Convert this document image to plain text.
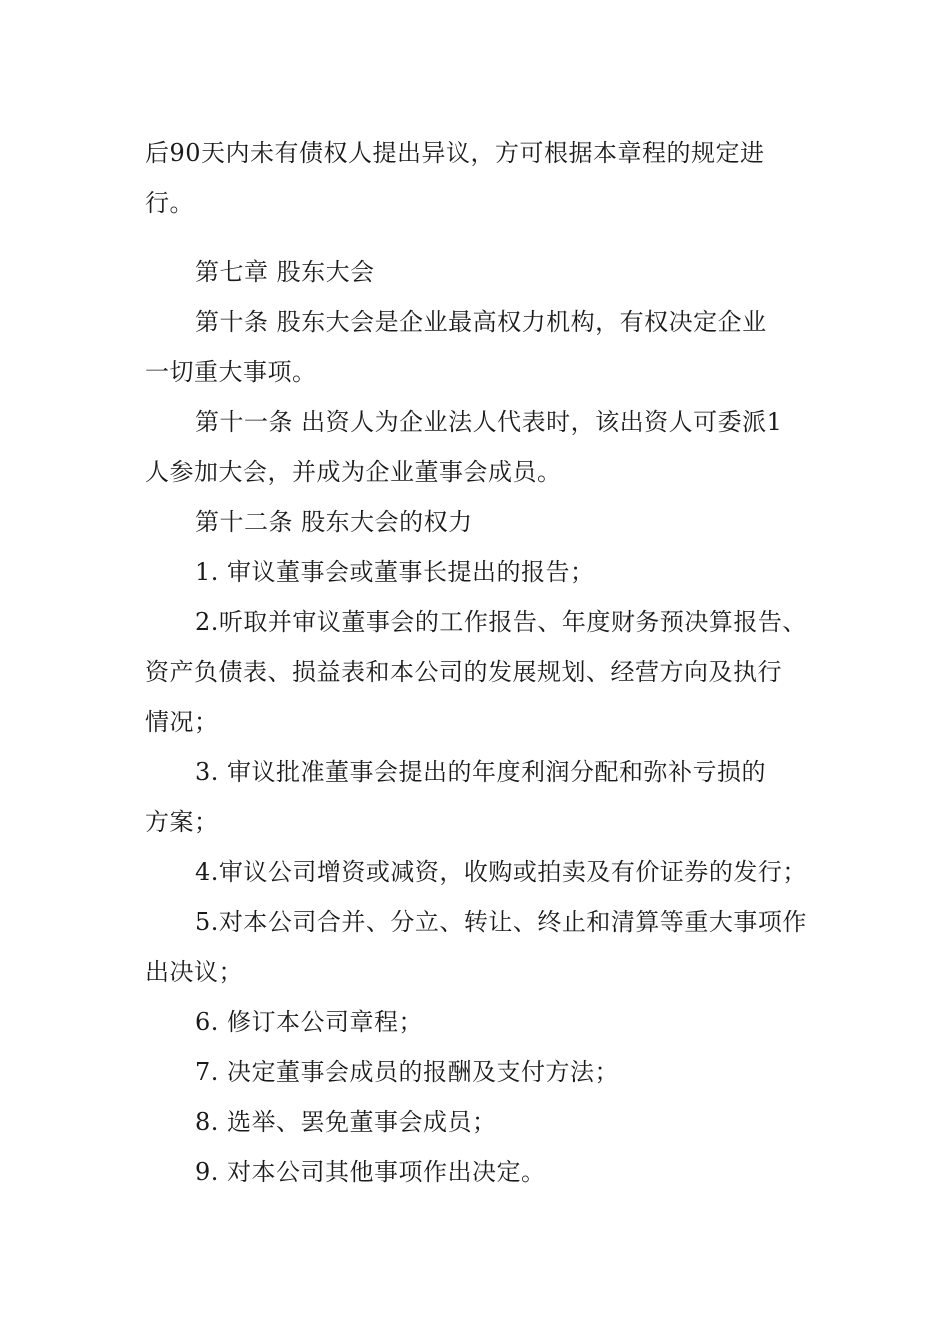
后90天内未有债权人提出异议，方可根据本章程的规定进
行。

第七章 股东大会

第十条 股东大会是企业最高权力机构，有权决定企业
一切重大事项。

第十一条 出资人为企业法人代表时，该出资人可委派1
人参加大会，并成为企业董事会成员。

第十二条 股东大会的权力

1. 审议董事会或董事长提出的报告；

2.听取并审议董事会的工作报告、年度财务预决算报告、
资产负债表、损益表和本公司的发展规划、经营方向及执行
情况；

3. 审议批准董事会提出的年度利润分配和弥补亏损的
方案；

4.审议公司增资或减资，收购或拍卖及有价证券的发行；

5.对本公司合并、分立、转让、终止和清算等重大事项作
出决议；

6. 修订本公司章程；

7. 决定董事会成员的报酬及支付方法；

8. 选举、罢免董事会成员；

9. 对本公司其他事项作出决定。
